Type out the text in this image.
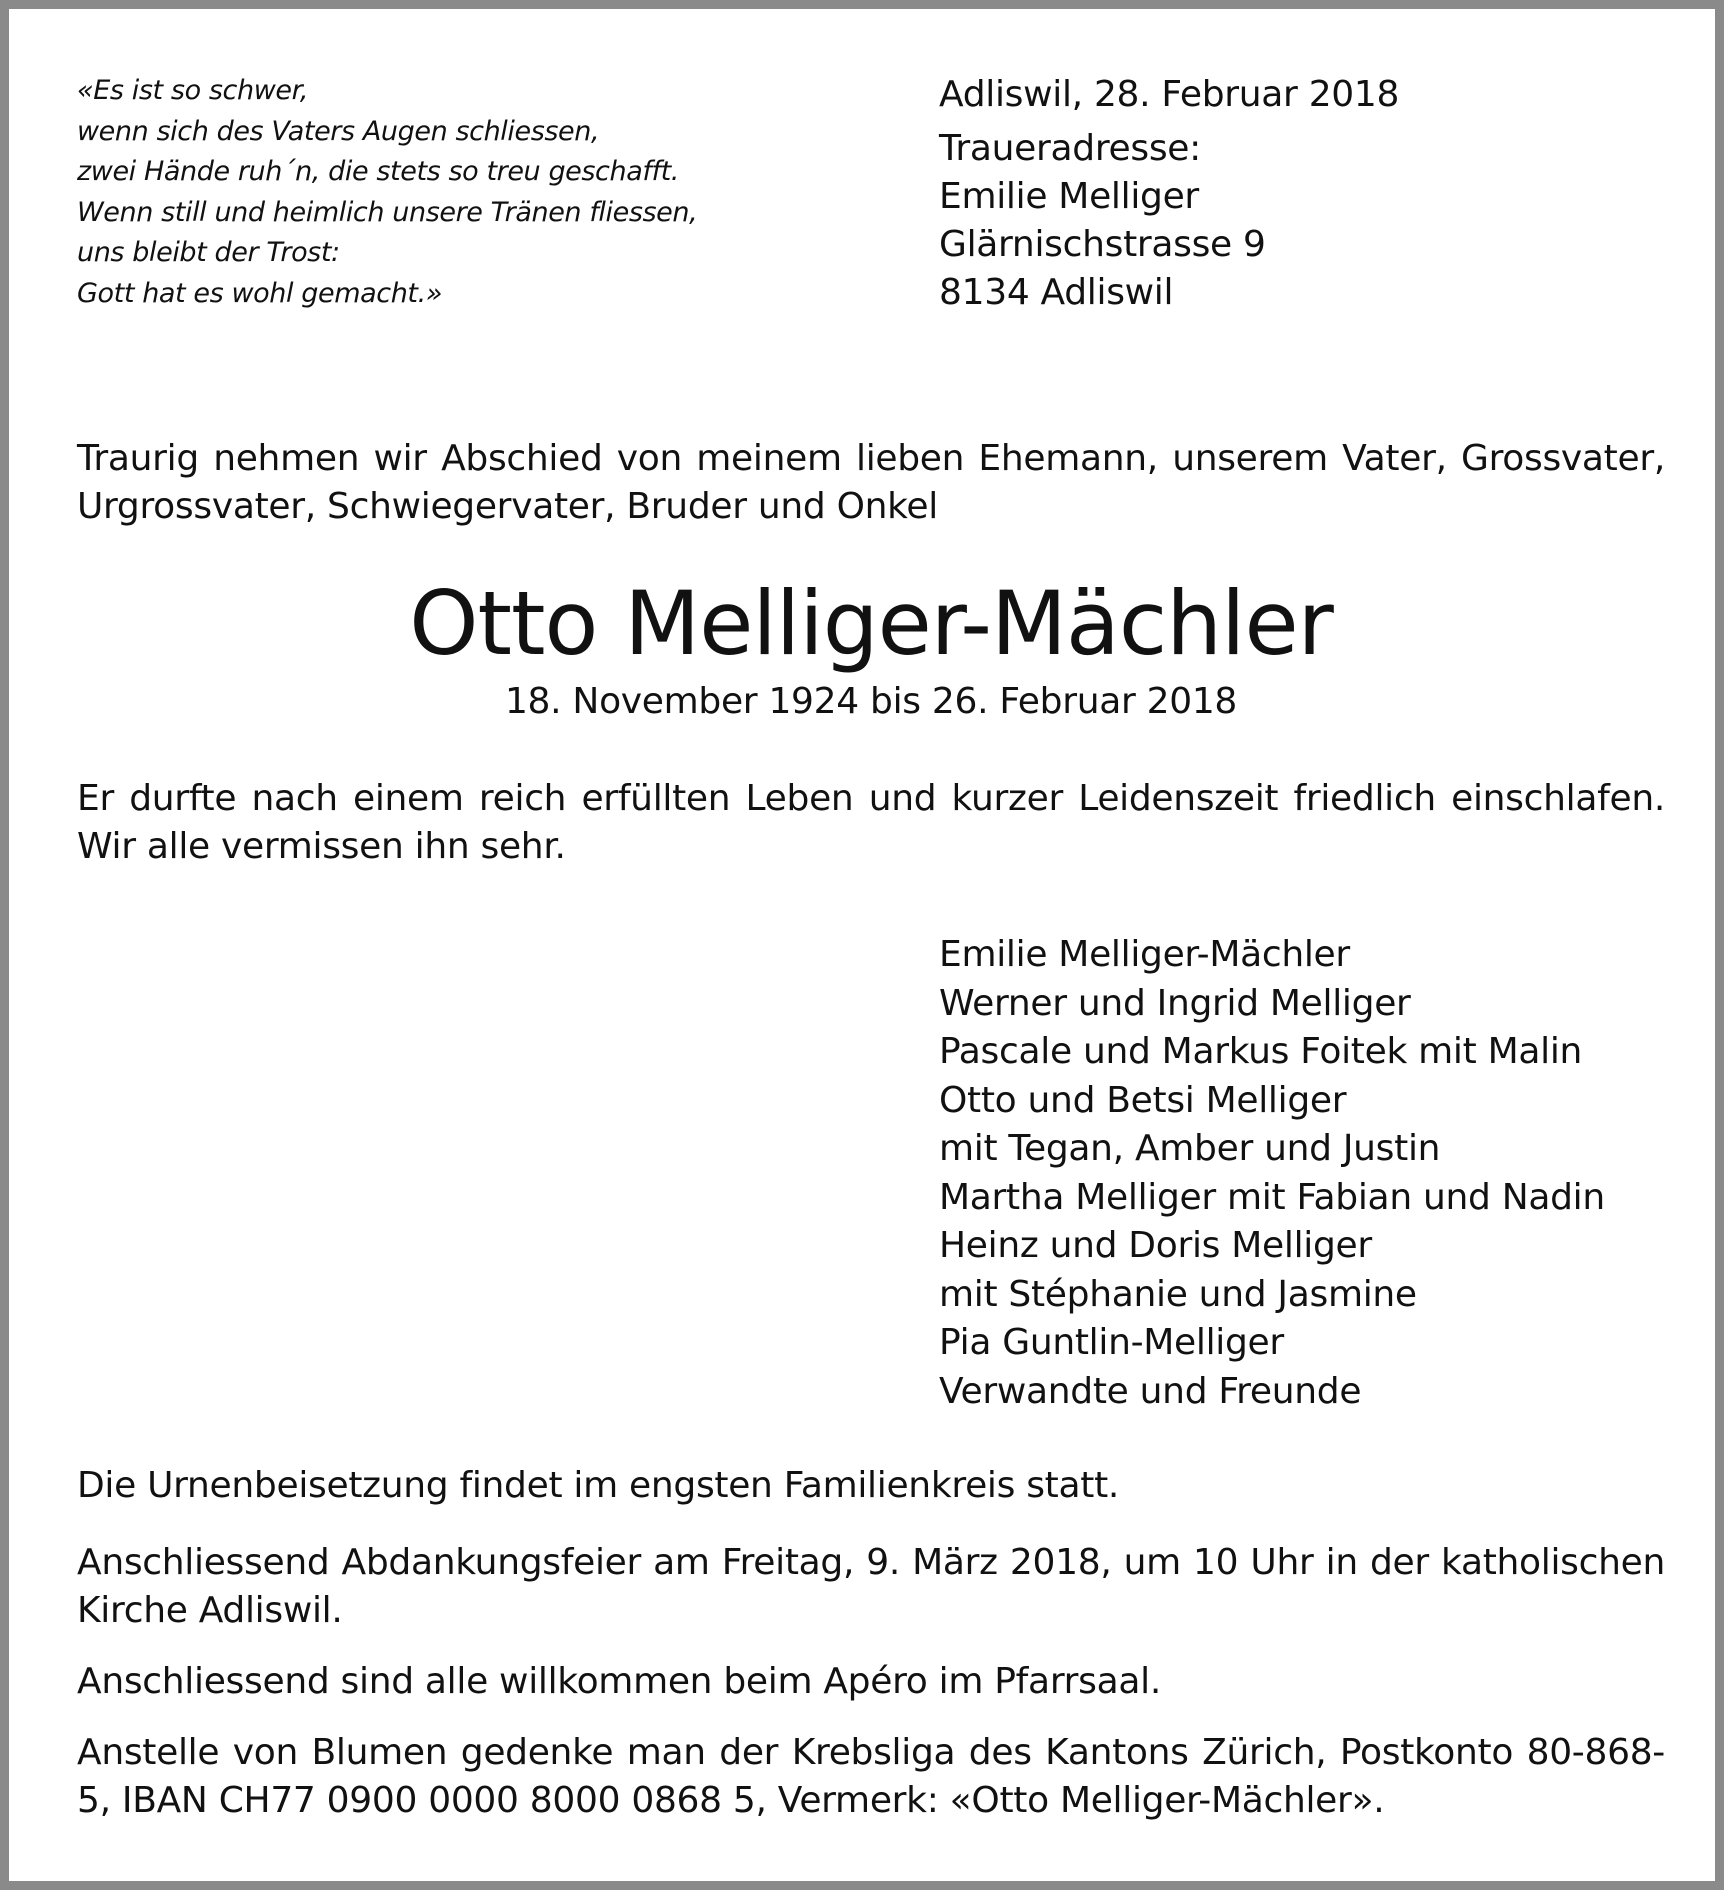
«Es ist so schwer,
wenn sich des Vaters Augen schliessen,
zwei Hände ruh´n, die stets so treu geschafft.
Wenn still und heimlich unsere Tränen fliessen,
uns bleibt der Trost:
Gott hat es wohl gemacht.»
Adliswil, 28. Februar 2018
Traueradresse:
Emilie Melliger
Glärnischstrasse 9
8134 Adliswil
Traurig nehmen wir Abschied von meinem lieben Ehemann, unserem Vater, Grossvater, Urgrossvater, Schwiegervater, Bruder und Onkel
Otto Melliger-Mächler
18. November 1924 bis 26. Februar 2018
Er durfte nach einem reich erfüllten Leben und kurzer Leidenszeit friedlich einschlafen.
Wir alle vermissen ihn sehr.
Emilie Melliger-Mächler
Werner und Ingrid Melliger
Pascale und Markus Foitek mit Malin
Otto und Betsi Melliger
mit Tegan, Amber und Justin
Martha Melliger mit Fabian und Nadin
Heinz und Doris Melliger
mit Stéphanie und Jasmine
Pia Guntlin-Melliger
Verwandte und Freunde

Die Urnenbeisetzung findet im engsten Familienkreis statt.

Anschliessend Abdankungsfeier am Freitag, 9. März 2018, um 10 Uhr in der katholischen Kirche Adliswil.

Anschliessend sind alle willkommen beim Apéro im Pfarrsaal.

Anstelle von Blumen gedenke man der Krebsliga des Kantons Zürich, Postkonto 80-868-5, IBAN CH77 0900 0000 8000 0868 5, Vermerk: «Otto Melliger-Mächler».
